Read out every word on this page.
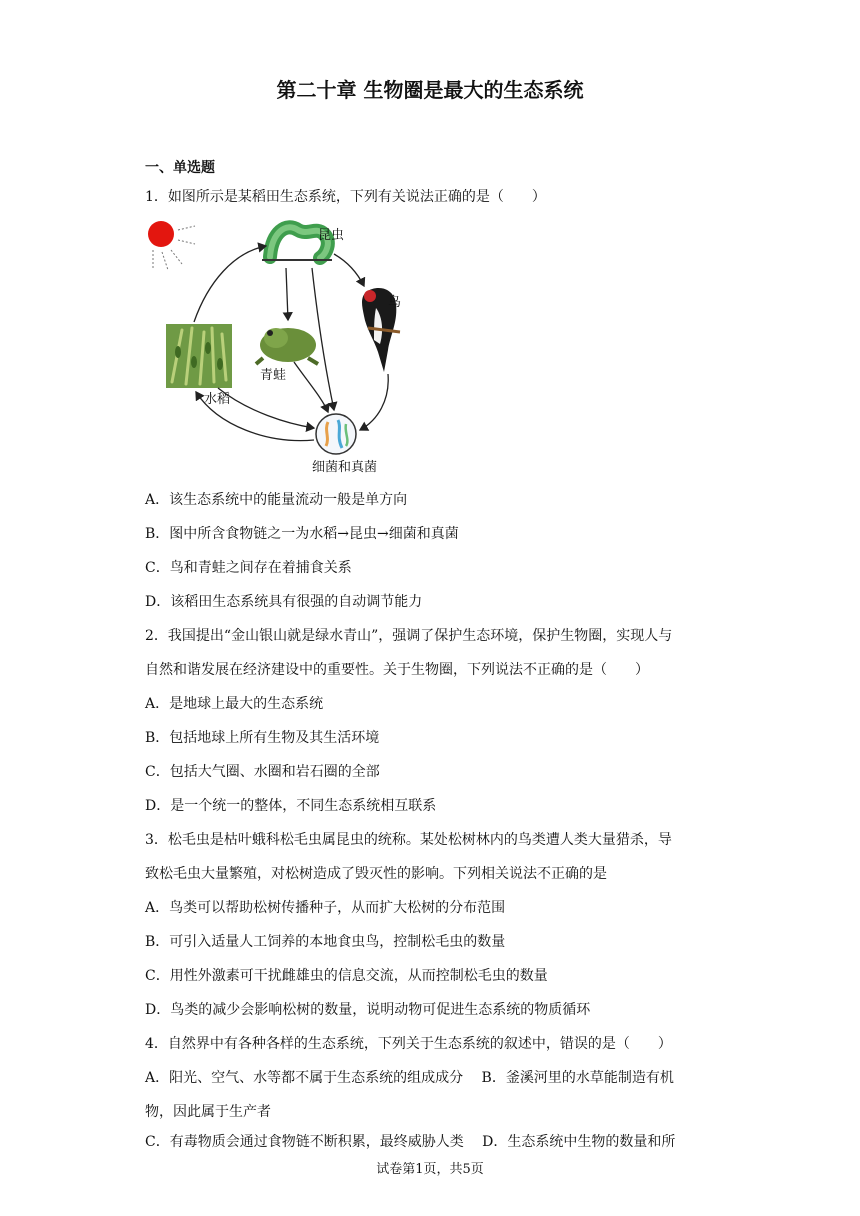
第二十章 生物圈是最大的生态系统
一、单选题
1．如图所示是某稻田生态系统，下列有关说法正确的是（　　）
昆虫
鸟
青蛙
水稻
细菌和真菌
A．该生态系统中的能量流动一般是单方向
B．图中所含食物链之一为水稻→昆虫→细菌和真菌
C．鸟和青蛙之间存在着捕食关系
D．该稻田生态系统具有很强的自动调节能力
2．我国提出“金山银山就是绿水青山”，强调了保护生态环境，保护生物圈，实现人与
自然和谐发展在经济建设中的重要性。关于生物圈，下列说法不正确的是（　　）
A．是地球上最大的生态系统
B．包括地球上所有生物及其生活环境
C．包括大气圈、水圈和岩石圈的全部
D．是一个统一的整体，不同生态系统相互联系
3．松毛虫是枯叶蛾科松毛虫属昆虫的统称。某处松树林内的鸟类遭人类大量猎杀，导
致松毛虫大量繁殖，对松树造成了毁灭性的影响。下列相关说法不正确的是
A．鸟类可以帮助松树传播种子，从而扩大松树的分布范围
B．可引入适量人工饲养的本地食虫鸟，控制松毛虫的数量
C．用性外激素可干扰雌雄虫的信息交流，从而控制松毛虫的数量
D．鸟类的减少会影响松树的数量，说明动物可促进生态系统的物质循环
4．自然界中有各种各样的生态系统，下列关于生态系统的叙述中，错误的是（　　）
A．阳光、空气、水等都不属于生态系统的组成成分　 B．釜溪河里的水草能制造有机
物，因此属于生产者
C．有毒物质会通过食物链不断积累，最终威胁人类　 D．生态系统中生物的数量和所
试卷第1页，共5页
